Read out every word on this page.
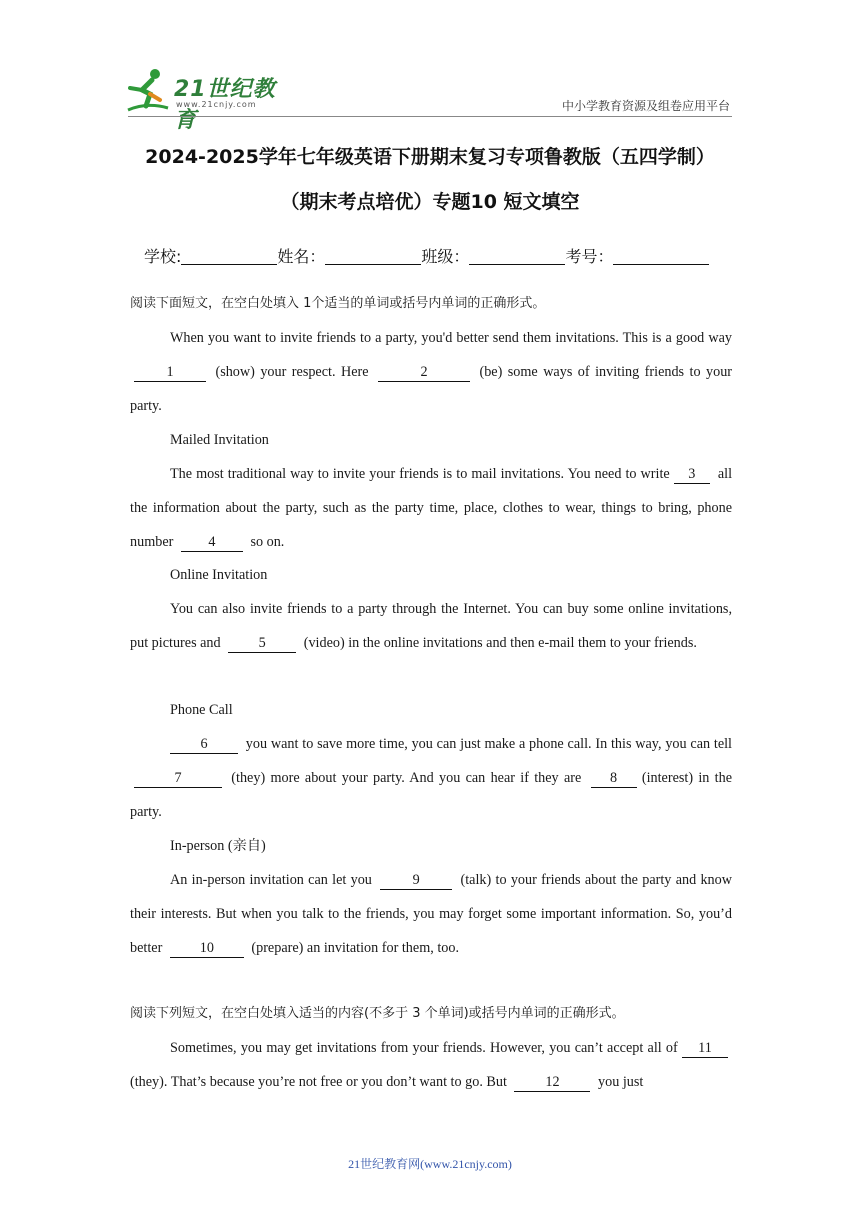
21世纪教育
www.21cnjy.com	中小学教育资源及组卷应用平台
2024-2025学年七年级英语下册期末复习专项鲁教版（五四学制）
（期末考点培优）专题10 短文填空
学校:	姓名：	班级：	考号：
阅读下面短文，在空白处填入 1个适当的单词或括号内单词的正确形式。
When you want to invite friends to a party, you'd better send them invitations. This is a good way 1	(show) your respect. Here	2	(be) some ways of inviting friends to your party.
Mailed Invitation
The most traditional way to invite your friends is to mail invitations. You need to write 3 all the information about the party, such as the party time, place, clothes to wear, things to bring, phone number 4 so on.
Online Invitation
You can also invite friends to a party through the Internet. You can buy some online invitations, put pictures and	5	(video) in the online invitations and then e-mail them to your friends.
Phone Call
6	you want to save more time, you can just make a phone call. In this way, you can tell 7	(they) more about your party. And you can hear if they are 8 (interest) in the party.
In-person (亲自)
An in-person invitation can let you	9	(talk) to your friends about the party and know their interests. But when you talk to the friends, you may forget some important information. So, you’d better	10	(prepare) an invitation for them, too.
阅读下列短文，在空白处填入适当的内容(不多于 3 个单词)或括号内单词的正确形式。
Sometimes, you may get invitations from your friends. However, you can’t accept all of 11 (they). That’s because you’re not free or you don’t want to go. But	12	you just
21世纪教育网(www.21cnjy.com)
